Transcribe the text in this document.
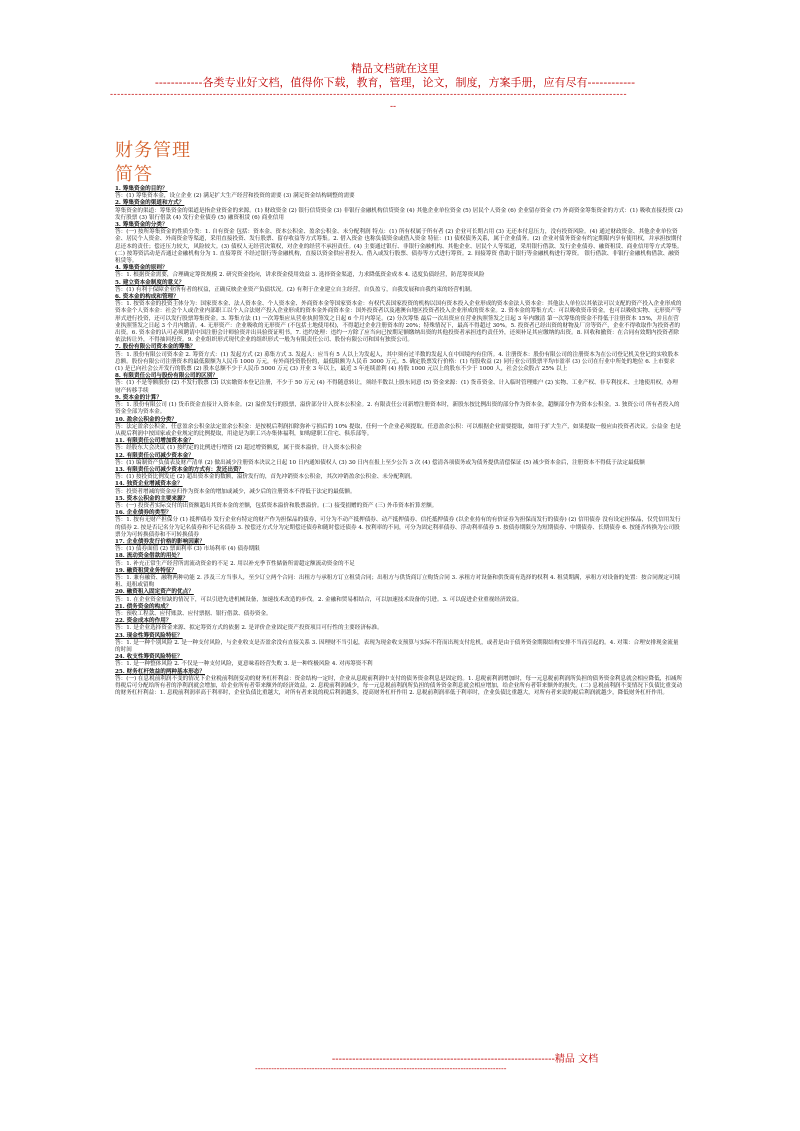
精品文档就在这里
------------各类专业好文档，值得你下载，教育，管理，论文，制度，方案手册，应有尽有------------
--------------------------------------------------------------------------------------------------------------------------------------------------
--
财务管理
简答
1. 筹集资金的目的？
答：(1) 筹集资本金，设立企业 (2) 满足扩大生产经营和投资的需要 (3) 满足资金结构调整的需要
2. 筹集资金的渠道和方式？
筹集资金的渠道：筹集资金的渠道是指企业资金的来源。(1) 财政资金 (2) 银行信贷资金 (3) 非银行金融机构信贷资金 (4) 其他企业单位资金 (5) 居民个人资金 (6) 企业留存资金 (7) 外商资金筹集资金的方式：(1) 吸收直接投资 (2) 发行股票 (3) 银行借款 (4) 发行企业债券 (5) 融资租赁 (6) 商业信用
3. 筹集资金的分类？
答：(一) 按所筹集资金的性质分类：1. 自有资金 包括：资本金、资本公积金、盈余公积金、未分配利润 特点：(1) 所有权属于所有者 (2) 企业可长期占用 (3) 无还本付息压力，没有投资风险。(4) 通过财政资金、其他企业单位资金、居民个人资金、外商资金等渠道，采用直接投资、发行股票、留存收益等方式筹集。2. 借入资金 也称负债资金或借入资金 特征：(1) 债权债务关系，属于企业债务。(2) 企业对债务资金有约定期限内享有使用权，并承担按期付息还本的责任；偿还压力较大，风险较大。(3) 债权人无经营决策权，对企业的经营不承担责任。(4) 主要通过银行、非银行金融机构、其他企业、居民个人等渠道，采用银行借款、发行企业债券、融资租赁、商业信用等方式筹集。(二) 按筹资活动是否通过金融机构分为 1. 直接筹资 不经过银行等金融机构，直接以资金供应者投入、借入或发行股票、债券等方式进行筹资。2. 间接筹资 借助于银行等金融机构进行筹资。 银行借款、非银行金融机构借款、融资租赁等。
4. 筹集资金的原则？
答：1. 根据资金需要，合理确定筹资规模 2. 研究资金投向，讲求资金使用效益 3. 选择资金渠道，力求降低资金成本 4. 适度负债经营，防范筹资风险
5. 建立资本金制度的意义？
答：(1) 有利于保障企业所有者的权益，正确反映企业资产负债状况。(2) 有利于企业建立自主经营，自负盈亏，自我发展和自我约束的经营机制。
6. 资本金的构成和管理？
答：1. 按资本金的投资主体分为：国家资本金、法人资本金、个人资本金、外商资本金等国家资本金：有权代表国家投资的机构以国有资本投入企业形成的资本金法人资本金：其他法人单位以其依法可以支配的资产投入企业形成的资本金个人资本金：社会个人或企业内部职工以个人合法财产投入企业形成的资本金外商资本金：国外投资者以及港澳台地区投资者投入企业形成的资本金。2. 资本金的筹集方式：可以吸收资币资金，也可以吸收实物、无形资产等形式进行投资，还可以发行股票筹集资金。3. 筹集方法 (1) 一次筹集应从营业执照签发之日起 6 个月内筹足。(2) 分次筹集 最后一次出资应在营业执照签发之日起 3 年内缴清 第一次筹集的资金不得低于注册资本 15%，并且在营业执照签发之日起 3 个月内缴清。4. 无形资产：企业吸收的无形资产 (不包括土地使用权)，不得超过企业注册资本的 20%；特殊情况下，最高不得超过 30%。5. 投资者已经出资的财物及厂房等资产，企业不得收取作为投资者的出资。6. 资本金的认可必须聘请中国注册会计师验资并出具验资证明书。7. 违约处理：违约一方除了应当向已按期足额缴纳出资的其他投资者承担违约责任外，还须补足其应缴纳的出资。8. 回收和撤资：在合同有效期内投资者除依法转让外，不得抽回投资。9. 企业组织形式现代企业的组织形式一般为有限责任公司、股份有限公司和国有独资公司。
7. 股份有限公司资本金的筹集？
答：1. 股份有限公司资本金 2. 筹资方式：(1) 发起方式 (2) 募集方式 3. 发起人：应当有 5 人以上为发起人，其中须有过半数的发起人在中国境内有住所。4. 注册资本：股份有限公司的注册资本为在公司登记机关登记的实收股本总额。股份有限公司注册资本的最低限额为人民币 1000 万元，有外商投资股份的，最低限额为人民币 3000 万元。5. 确定股票发行价格：(1) 每股收益 (2) 同行业公司股票平均市盈率 (3) 公司在行业中所处的地位 6. 上市要求 (1) 是已向社会公开发行的股票 (2) 股本总额不少于人民币 5000 万元 (3) 开业 3 年以上，最近 3 年连续盈利 (4) 持股 1000 元以上的股东不少于 1000 人，社会公众股占 25% 以上
8. 有限责任公司与股份有限公司的区别？
答：(1) 不是等额股份 (2) 不发行股票 (3) 以实缴资本登记注册，不少于 50 万元 (4) 不得随意转让，须经半数以上股东同意 (5) 资金来源：(1) 货币资金、计入临时管理账户 (2) 实物、工业产权、非专利技术、土地使用权，办理财产转移手续
9. 资本金的计算？
答：1. 股份有限公司 (1) 货币资金直接计入资本金。(2) 溢价发行的股票，溢价部分计入资本公积金。2. 有限责任公司新增注册资本时，新股东按比例出资的部分作为资本金，超额部分作为资本公积金。3. 独资公司 所有者投入的资金全部为资本金。
10. 盈余公积金的分类？
答：法定盈余公积金，任意盈余公积金法定盈余公积金：是按税后利润扣除弥补亏损后的 10% 提取，任何一个企业必须提取。任意盈余公积：可以根据企业需要提取，如用于扩大生产，如果提取一般应由投资者决议。公益金 也是从税后利润中按国家或企业规定的比例提取，用途是为职工兴办集体福利，如购建职工住宅、俱乐部等。
11. 有限责任公司增加资本金？
答：经股东大会决议 (1) 按约定的比例进行增资 (2) 超过增资额度，属于资本溢价，计入资本公积金
12. 有限责任公司减少资本金？
答：(1) 编制资产负债表及财产清单 (2) 做出减少注册资本决议之日起 10 日内通知债权人 (3) 30 日内在报上至少公告 3 次 (4) 偿清各项债务或为债务提供清偿保证 (5) 减少资本金后，注册资本不得低于法定最低额
13. 有限责任公司减少资本金的方式有：发还出资？
答：(1) 按投资比例发还 (2) 超出资本金的数额，溢价发行的，首先冲销资本公积金，其次冲销盈余公积金、未分配利润。
14. 独资企业增减资本金？
答：投资者增减的资金应归作为资本金的增加或减少，减少后的注册资本不得低于法定的最低额。
15. 资本公积金的主要来源？
答：(一) 投资者实际交付的出资额超出其资本金的差额，包括资本溢价和股票溢价。(二) 接受捐赠的资产 (三) 外币资本折算差额。
16. 企业债券的类型？
答：1. 按有无财产担保分 (1) 抵押债券 发行企业有特定的财产作为担保品的债券，可分为不动产抵押债券、动产抵押债券、信托抵押债券 (以企业持有的有价证券为担保而发行的债券) (2) 信用债券 没有设定担保品，仅凭信用发行的债券 2. 按是否记名分为记名债券和不记名债券 3. 按偿还方式分为定期偿还债券和随时偿还债券 4. 按利率的不同，可分为固定利率债券、浮动利率债券 5. 按债券期限分为短期债券、中期债券、长期债券 6. 按能否转换为公司股票分为可转换债券和不可转换债券
17. 企业债券发行价格的影响因素？
答：(1) 债券面值 (2) 票面利率 (3) 市场利率 (4) 债券期限
18. 流动资金借款的用处？
答：1. 补充正常生产经营所需流动资金的不足 2. 用以补充季节性储备所需超定额流动资金的不足
19. 融资租赁业务特征？
答：1. 兼有融资、融物两种功能 2. 涉及三方当事人，至少订立两个合同：出租方与承租方订立租赁合同；出租方与供货商订立购货合同 3. 承租方对设备和供货商有选择的权利 4. 租赁期满，承租方对设备的处置：按合同规定可续租、退租或留购
20. 融资租入固定资产的优点？
答：1. 在企业资金短缺的情况下，可以引进先进机械设备，加速技术改造的步伐。2. 金融和贸易相结合，可以加速技术设备的引进。3. 可以促进企业重视经济效益。
21. 债务资金的构成？
答：预收工程款、应付账款、应付票据、银行借款、债券资金。
22. 资金成本的作用？
答：1. 是企业选择资金来源、拟定筹资方式的依据 2. 是评价企业固定资产投资项目可行性的主要经济标准。
23. 现金性筹资风险特征？
答：1. 是一种个别风险 2. 是一种支付风险，与企业收支是否盈余没有直接关系 3. 因理财不当引起，表现为现金收支预算与实际不符而出现支付危机，或者是由于债务资金期限结构安排不当而引起的。4. 对策：合理安排现金流量的时间
24. 收支性筹资风险特征？
答：1. 是一种整体风险 2. 不仅是一种支付风险，更意味着经营失败 3. 是一种终极风险 4. 对再筹资不利
25. 财务杠杆效益的两种基本形态？
答：(一) 在息税前利润不变的情况下企业税前利润变动的财务杠杆利益：资金结构一定时，企业从息税前利润中支付的债务资金利息是固定的。1. 息税前利润增加时，每一元息税前利润所负担的债务资金利息就会相应降低，扣减所得税后可分配给所有者的净利润就会增加，给企业所有者带来额外的经济效益。2. 息税前利润减少，每一元息税前利润所负担的债务资金利息就会相应增加，给企业所有者带来额外的损失。(二) 息税前利润不变情况下负债比重变动的财务杠杆利益：1. 息税前利润率高于利率时，企业负债比重越大，对所有者来说的税后利润越多，提高财务杠杆作用 2. 息税前利润率低于利率时，企业负债比重越大，对所有者来说的税后利润就越少，降低财务杠杆作用。
------------------------------------------------------------------精品 文档
---------------------------------------------------------------------------------------------
